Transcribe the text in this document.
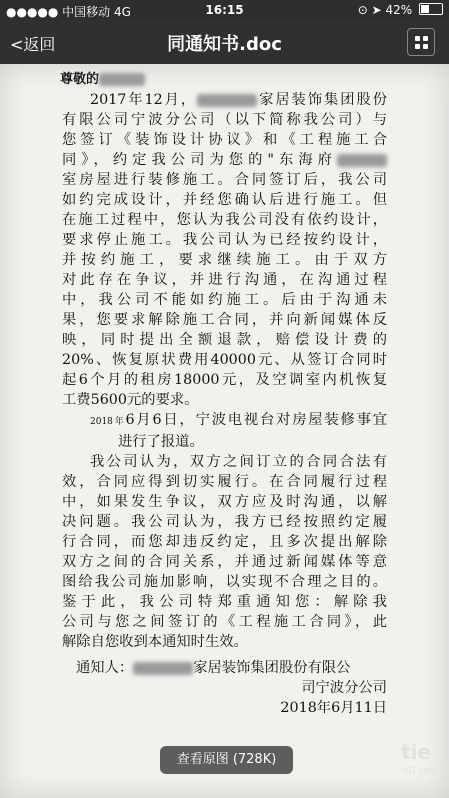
●●●●● 中国移动 4G	16:15	⊙ ➤ 42%
<返回	同通知书.doc
尊敬的
2017年12月，	家居装饰集团股份
有限公司宁波分公司（以下简称我公司）与
您签订《装饰设计协议》和《工程施工合
同》，约定我公司为您的"东海府
室房屋进行装修施工。合同签订后，我公司
如约完成设计，并经您确认后进行施工。但
在施工过程中，您认为我公司没有依约设计，
要求停止施工。我公司认为已经按约设计，
并按约施工，要求继续施工。由于双方
对此存在争议，并进行沟通，在沟通过程
中，我公司不能如约施工。后由于沟通未
果，您要求解除施工合同，并向新闻媒体反
映，同时提出全额退款，赔偿设计费的
20%、恢复原状费用40000元、从签订合同时
起6个月的租房18000元，及空调室内机恢复
工费5600元的要求。
2018年6月6日，宁波电视台对房屋装修事宜
进行了报道。
我公司认为，双方之间订立的合同合法有
效，合同应得到切实履行。在合同履行过程
中，如果发生争议，双方应及时沟通，以解
决问题。我公司认为，我方已经按照约定履
行合同，而您却违反约定，且多次提出解除
双方之间的合同关系，并通过新闻媒体等意
图给我公司施加影响，以实现不合理之目的。
鉴于此，我公司特郑重通知您：解除我
公司与您之间签订的《工程施工合同》，此
解除自您收到本通知时生效。
通知人：	家居装饰集团股份有限公
司宁波分公司
2018年6月11日
查看原图 (728K)	tie
001.com
